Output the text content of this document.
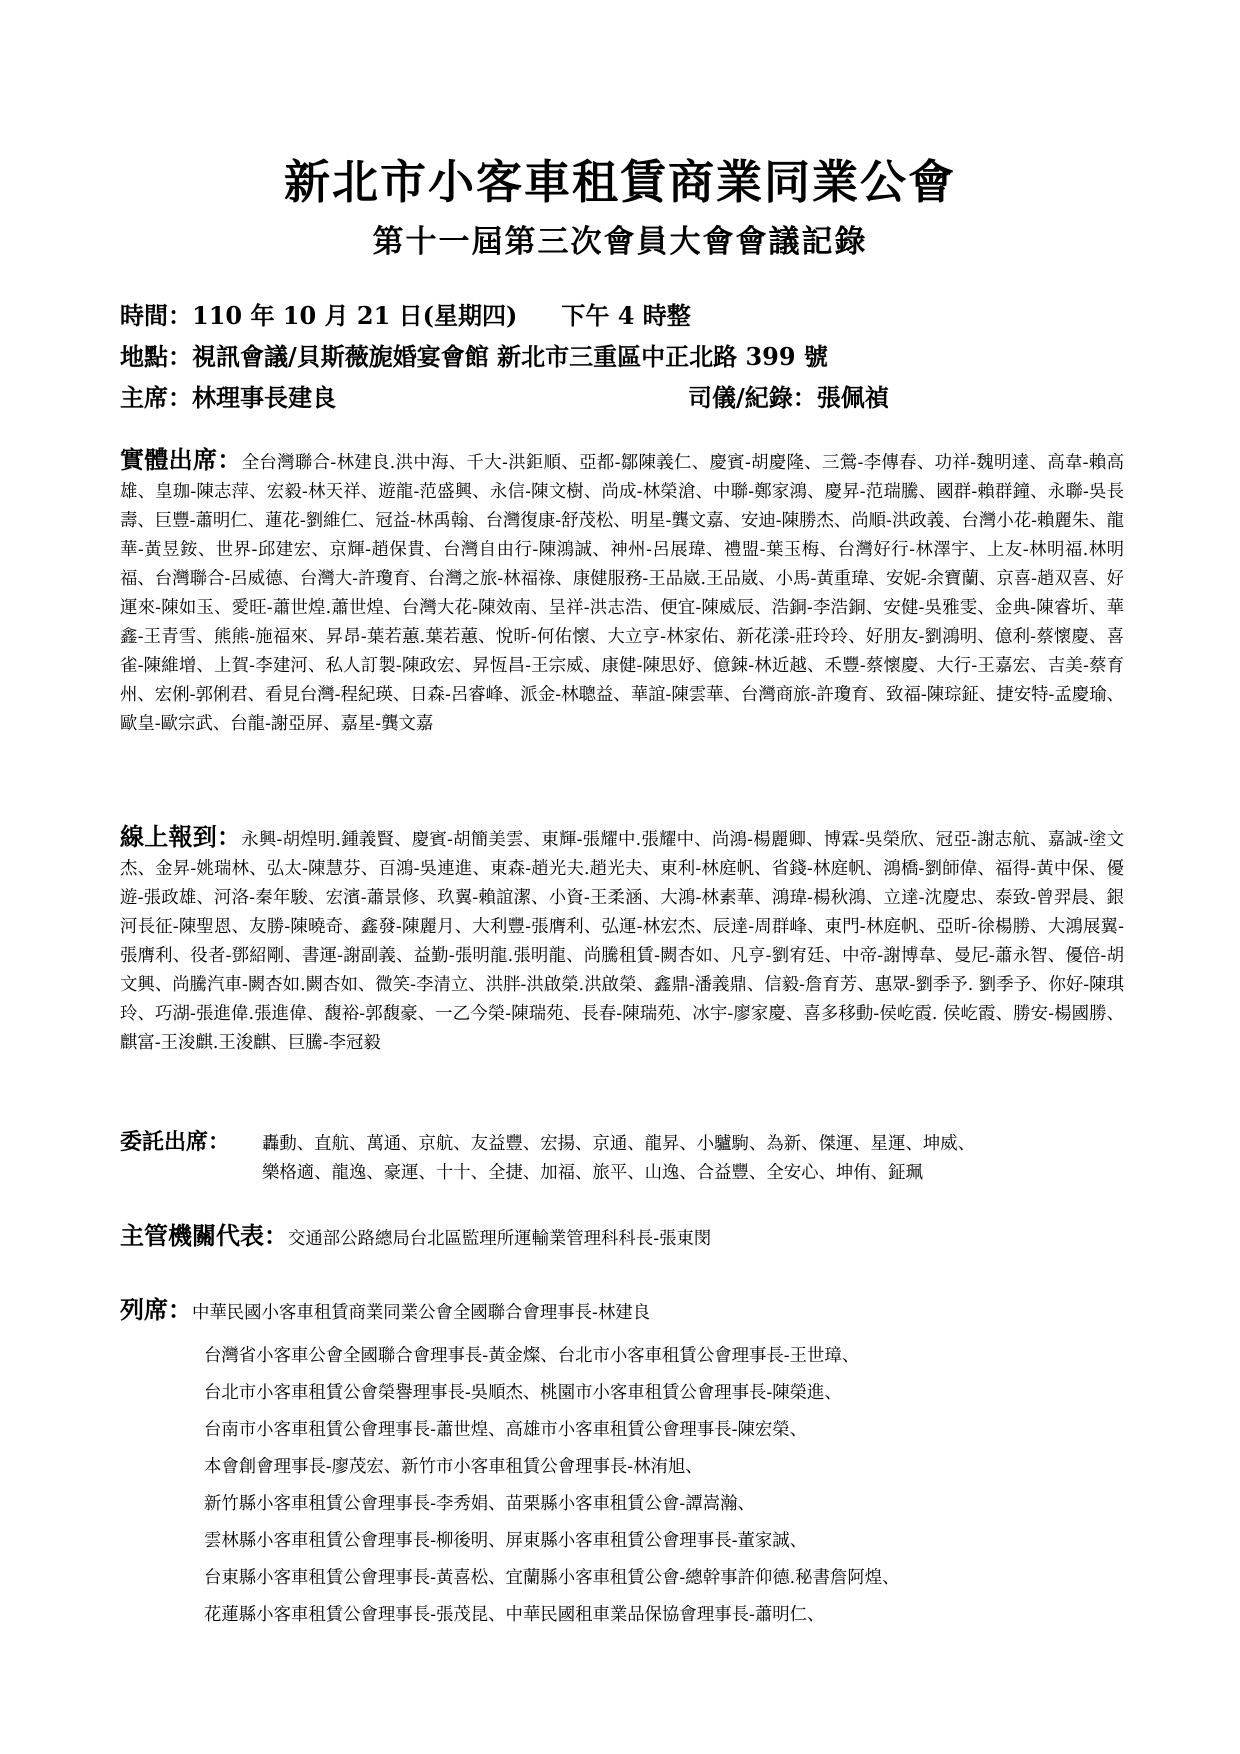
新北市小客車租賃商業同業公會
第十一屆第三次會員大會會議記錄
時間：110 年 10 月 21 日(星期四) 下午 4 時整
地點：視訊會議/貝斯薇旎婚宴會館 新北市三重區中正北路 399 號
主席：林理事長建良	司儀/紀錄：張佩禎
實體出席：全台灣聯合-林建良.洪中海、千大-洪鉅順、亞都-鄒陳義仁、慶賓-胡慶隆、三鶯-李傳春、功祥-魏明達、高韋-賴高雄、皇珈-陳志萍、宏毅-林天祥、遊龍-范盛興、永信-陳文樹、尚成-林榮滄、中聯-鄭家鴻、慶昇-范瑞騰、國群-賴群鐘、永聯-吳長壽、巨豐-蕭明仁、蓮花-劉維仁、冠益-林禹翰、台灣復康-舒茂松、明星-龔文嘉、安迪-陳勝杰、尚順-洪政義、台灣小花-賴麗朱、龍華-黃昱銨、世界-邱建宏、京輝-趙保貴、台灣自由行-陳鴻誠、神州-呂展瑋、禮盟-葉玉梅、台灣好行-林澤宇、上友-林明福.林明福、台灣聯合-呂威德、台灣大-許瓊育、台灣之旅-林福祿、康健服務-王品崴.王品崴、小馬-黃重瑋、安妮-余寶蘭、京喜-趙双喜、好運來-陳如玉、愛旺-蕭世煌.蕭世煌、台灣大花-陳效南、呈祥-洪志浩、便宜-陳威辰、浩銅-李浩銅、安健-吳雅雯、金典-陳睿圻、華鑫-王青雪、熊熊-施福來、昇昂-葉若蕙.葉若蕙、悅昕-何佑懷、大立亨-林家佑、新花漾-莊玲玲、好朋友-劉鴻明、億利-蔡懷慶、喜雀-陳維增、上賀-李建河、私人訂製-陳政宏、昇恆昌-王宗威、康健-陳思妤、億鋉-林近越、禾豐-蔡懷慶、大行-王嘉宏、吉美-蔡育州、宏俐-郭俐君、看見台灣-程紀瑛、日森-呂睿峰、派金-林聰益、華誼-陳雲華、台灣商旅-許瓊育、致福-陳琮鉦、捷安特-孟慶瑜、歐皇-歐宗武、台龍-謝亞屏、嘉星-龔文嘉
線上報到：永興-胡煌明.鍾義賢、慶賓-胡簡美雲、東輝-張耀中.張耀中、尚鴻-楊麗卿、博霖-吳榮欣、冠亞-謝志航、嘉誠-塗文杰、金昇-姚瑞林、弘太-陳慧芬、百鴻-吳連進、東森-趙光夫.趙光夫、東利-林庭帆、省錢-林庭帆、鴻橋-劉師偉、福得-黃中保、優遊-張政雄、河洛-秦年駿、宏濱-蕭景修、玖翼-賴誼潔、小資-王柔涵、大鴻-林素華、鴻瑋-楊秋鴻、立達-沈慶忠、泰致-曾羿晨、銀河長征-陳聖恩、友勝-陳曉奇、鑫發-陳麗月、大利豐-張膺利、弘運-林宏杰、辰達-周群峰、東門-林庭帆、亞昕-徐楊勝、大鴻展翼-張膺利、役者-鄧紹剛、書運-謝副義、益勤-張明龍.張明龍、尚騰租賃-闕杏如、凡亨-劉宥廷、中帝-謝博韋、曼尼-蕭永智、優倍-胡文興、尚騰汽車-闕杏如.闕杏如、微笑-李清立、洪胖-洪啟榮.洪啟榮、鑫鼎-潘義鼎、信毅-詹育芳、惠眾-劉季予. 劉季予、你好-陳琪玲、巧湖-張進偉.張進偉、馥裕-郭馥豪、一乙今榮-陳瑞苑、長春-陳瑞苑、冰宇-廖家慶、喜多移動-侯屹霞. 侯屹霞、勝安-楊國勝、麒富-王浚麒.王浚麒、巨騰-李冠毅
委託出席： 轟動、直航、萬通、京航、友益豐、宏揚、京通、龍昇、小驢駒、為新、傑運、星運、坤威、
樂格適、龍逸、豪運、十十、全捷、加福、旅平、山逸、合益豐、全安心、坤侑、鉦珮
主管機關代表：交通部公路總局台北區監理所運輸業管理科科長-張東閔
列席：中華民國小客車租賃商業同業公會全國聯合會理事長-林建良
台灣省小客車公會全國聯合會理事長-黃金燦、台北市小客車租賃公會理事長-王世璋、
台北市小客車租賃公會榮譽理事長-吳順杰、桃園市小客車租賃公會理事長-陳榮進、
台南市小客車租賃公會理事長-蕭世煌、高雄市小客車租賃公會理事長-陳宏榮、
本會創會理事長-廖茂宏、新竹市小客車租賃公會理事長-林洧旭、
新竹縣小客車租賃公會理事長-李秀娟、苗栗縣小客車租賃公會-譚嵩瀚、
雲林縣小客車租賃公會理事長-柳後明、屏東縣小客車租賃公會理事長-董家誠、
台東縣小客車租賃公會理事長-黃喜松、宜蘭縣小客車租賃公會-總幹事許仰德.秘書詹阿煌、
花蓮縣小客車租賃公會理事長-張茂昆、中華民國租車業品保協會理事長-蕭明仁、
